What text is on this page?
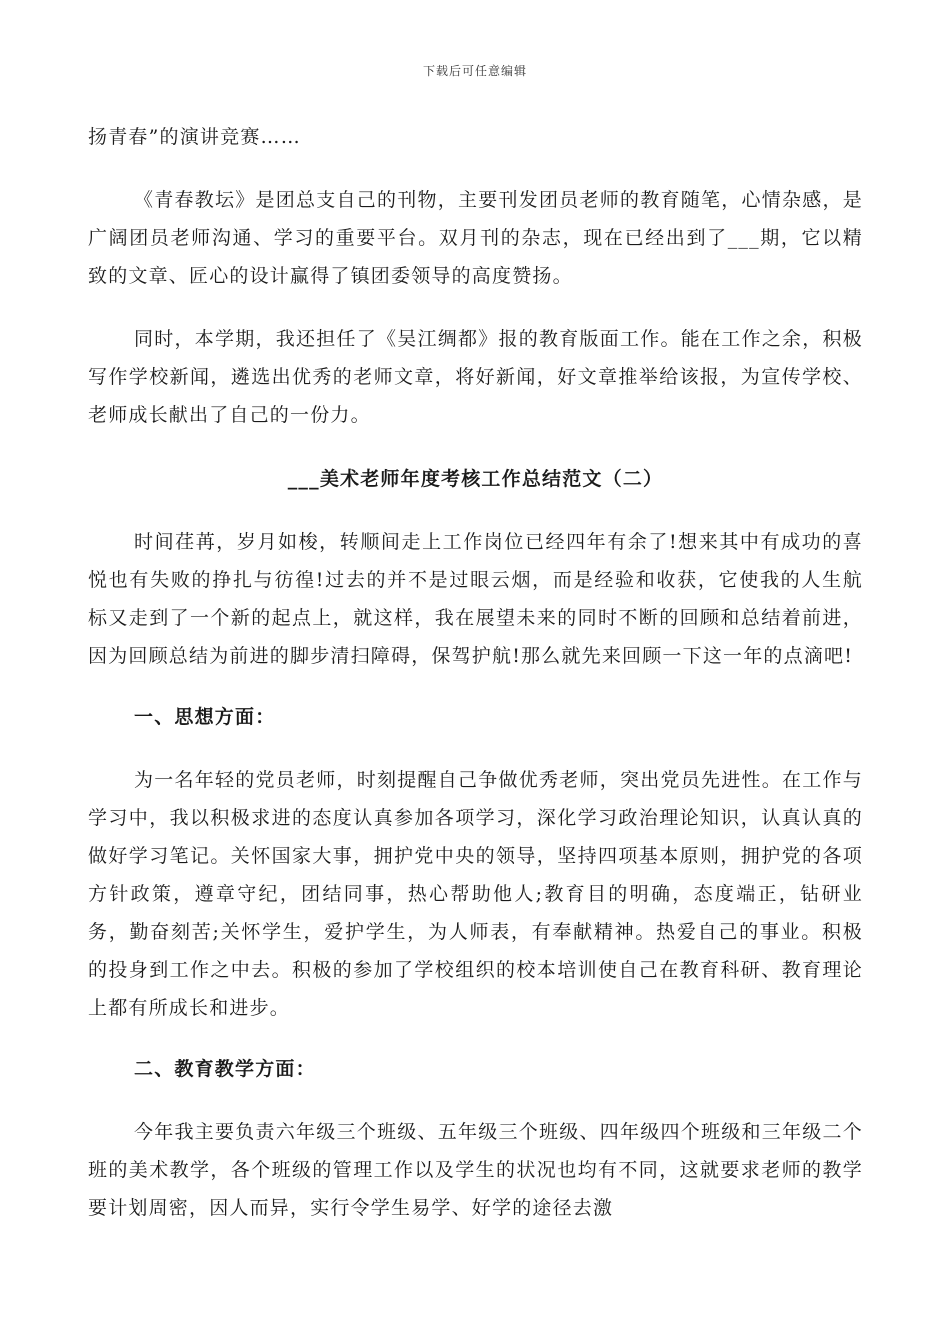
下载后可任意编辑

扬青春”的演讲竞赛……

《青春教坛》是团总支自己的刊物，主要刊发团员老师的教育随笔，心情杂感，是广阔团员老师沟通、学习的重要平台。双月刊的杂志，现在已经出到了___期，它以精致的文章、匠心的设计赢得了镇团委领导的高度赞扬。

同时，本学期，我还担任了《吴江绸都》报的教育版面工作。能在工作之余，积极写作学校新闻，遴选出优秀的老师文章，将好新闻，好文章推举给该报，为宣传学校、老师成长献出了自己的一份力。

___美术老师年度考核工作总结范文（二）

时间荏苒，岁月如梭，转顺间走上工作岗位已经四年有余了!想来其中有成功的喜悦也有失败的挣扎与彷徨!过去的并不是过眼云烟，而是经验和收获，它使我的人生航标又走到了一个新的起点上，就这样，我在展望未来的同时不断的回顾和总结着前进，因为回顾总结为前进的脚步清扫障碍，保驾护航!那么就先来回顾一下这一年的点滴吧!

一、思想方面：

为一名年轻的党员老师，时刻提醒自己争做优秀老师，突出党员先进性。在工作与学习中，我以积极求进的态度认真参加各项学习，深化学习政治理论知识，认真认真的做好学习笔记。关怀国家大事，拥护党中央的领导，坚持四项基本原则，拥护党的各项方针政策，遵章守纪，团结同事，热心帮助他人;教育目的明确，态度端正，钻研业务，勤奋刻苦;关怀学生，爱护学生，为人师表，有奉献精神。热爱自己的事业。积极的投身到工作之中去。积极的参加了学校组织的校本培训使自己在教育科研、教育理论上都有所成长和进步。

二、教育教学方面：

今年我主要负责六年级三个班级、五年级三个班级、四年级四个班级和三年级二个班的美术教学，各个班级的管理工作以及学生的状况也均有不同，这就要求老师的教学要计划周密，因人而异，实行令学生易学、好学的途径去激
